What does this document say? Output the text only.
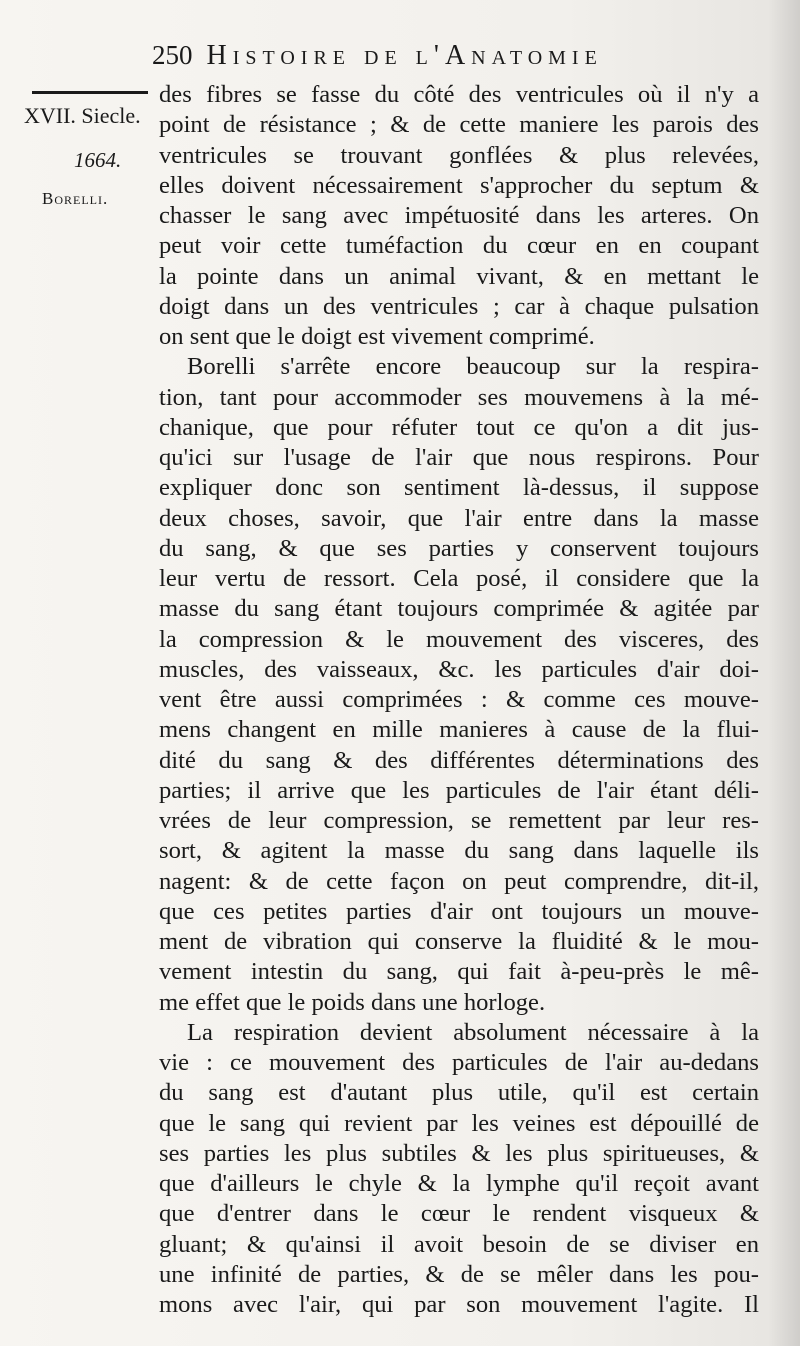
250 Histoire de l'Anatomie
XVII. Siecle.
1664.
Borelli.
des fibres se fasse du côté des ventricules où il n'y a
point de résistance ; & de cette maniere les parois des
ventricules se trouvant gonflées & plus relevées,
elles doivent nécessairement s'approcher du septum &
chasser le sang avec impétuosité dans les arteres. On
peut voir cette tuméfaction du cœur en en coupant
la pointe dans un animal vivant, & en mettant le
doigt dans un des ventricules ; car à chaque pulsation
on sent que le doigt est vivement comprimé.
Borelli s'arrête encore beaucoup sur la respira-
tion, tant pour accommoder ses mouvemens à la mé-
chanique, que pour réfuter tout ce qu'on a dit jus-
qu'ici sur l'usage de l'air que nous respirons. Pour
expliquer donc son sentiment là-dessus, il suppose
deux choses, savoir, que l'air entre dans la masse
du sang, & que ses parties y conservent toujours
leur vertu de ressort. Cela posé, il considere que la
masse du sang étant toujours comprimée & agitée par
la compression & le mouvement des visceres, des
muscles, des vaisseaux, &c. les particules d'air doi-
vent être aussi comprimées : & comme ces mouve-
mens changent en mille manieres à cause de la flui-
dité du sang & des différentes déterminations des
parties; il arrive que les particules de l'air étant déli-
vrées de leur compression, se remettent par leur res-
sort, & agitent la masse du sang dans laquelle ils
nagent: & de cette façon on peut comprendre, dit-il,
que ces petites parties d'air ont toujours un mouve-
ment de vibration qui conserve la fluidité & le mou-
vement intestin du sang, qui fait à-peu-près le mê-
me effet que le poids dans une horloge.
La respiration devient absolument nécessaire à la
vie : ce mouvement des particules de l'air au-dedans
du sang est d'autant plus utile, qu'il est certain
que le sang qui revient par les veines est dépouillé de
ses parties les plus subtiles & les plus spiritueuses, &
que d'ailleurs le chyle & la lymphe qu'il reçoit avant
que d'entrer dans le cœur le rendent visqueux &
gluant; & qu'ainsi il avoit besoin de se diviser en
une infinité de parties, & de se mêler dans les pou-
mons avec l'air, qui par son mouvement l'agite. Il
